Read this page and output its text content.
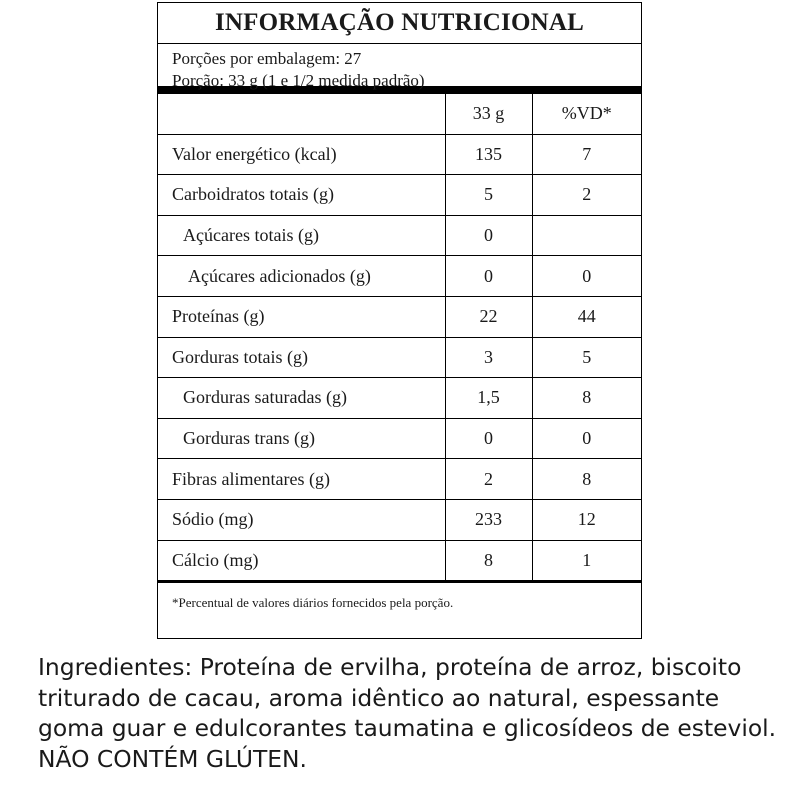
INFORMAÇÃO NUTRICIONAL
Porções por embalagem: 27
Porção: 33 g (1 e 1/2 medida padrão)
	33 g	%VD*
Valor energético (kcal)	135	7
Carboidratos totais (g)	5	2
Açúcares totais (g)	0	
Açúcares adicionados (g)	0	0
Proteínas (g)	22	44
Gorduras totais (g)	3	5
Gorduras saturadas (g)	1,5	8
Gorduras trans (g)	0	0
Fibras alimentares (g)	2	8
Sódio (mg)	233	12
Cálcio (mg)	8	1
*Percentual de valores diários fornecidos pela porção.
Ingredientes: Proteína de ervilha, proteína de arroz, biscoito triturado de cacau, aroma idêntico ao natural, espessante goma guar e edulcorantes taumatina e glicosídeos de esteviol. NÃO CONTÉM GLÚTEN.
